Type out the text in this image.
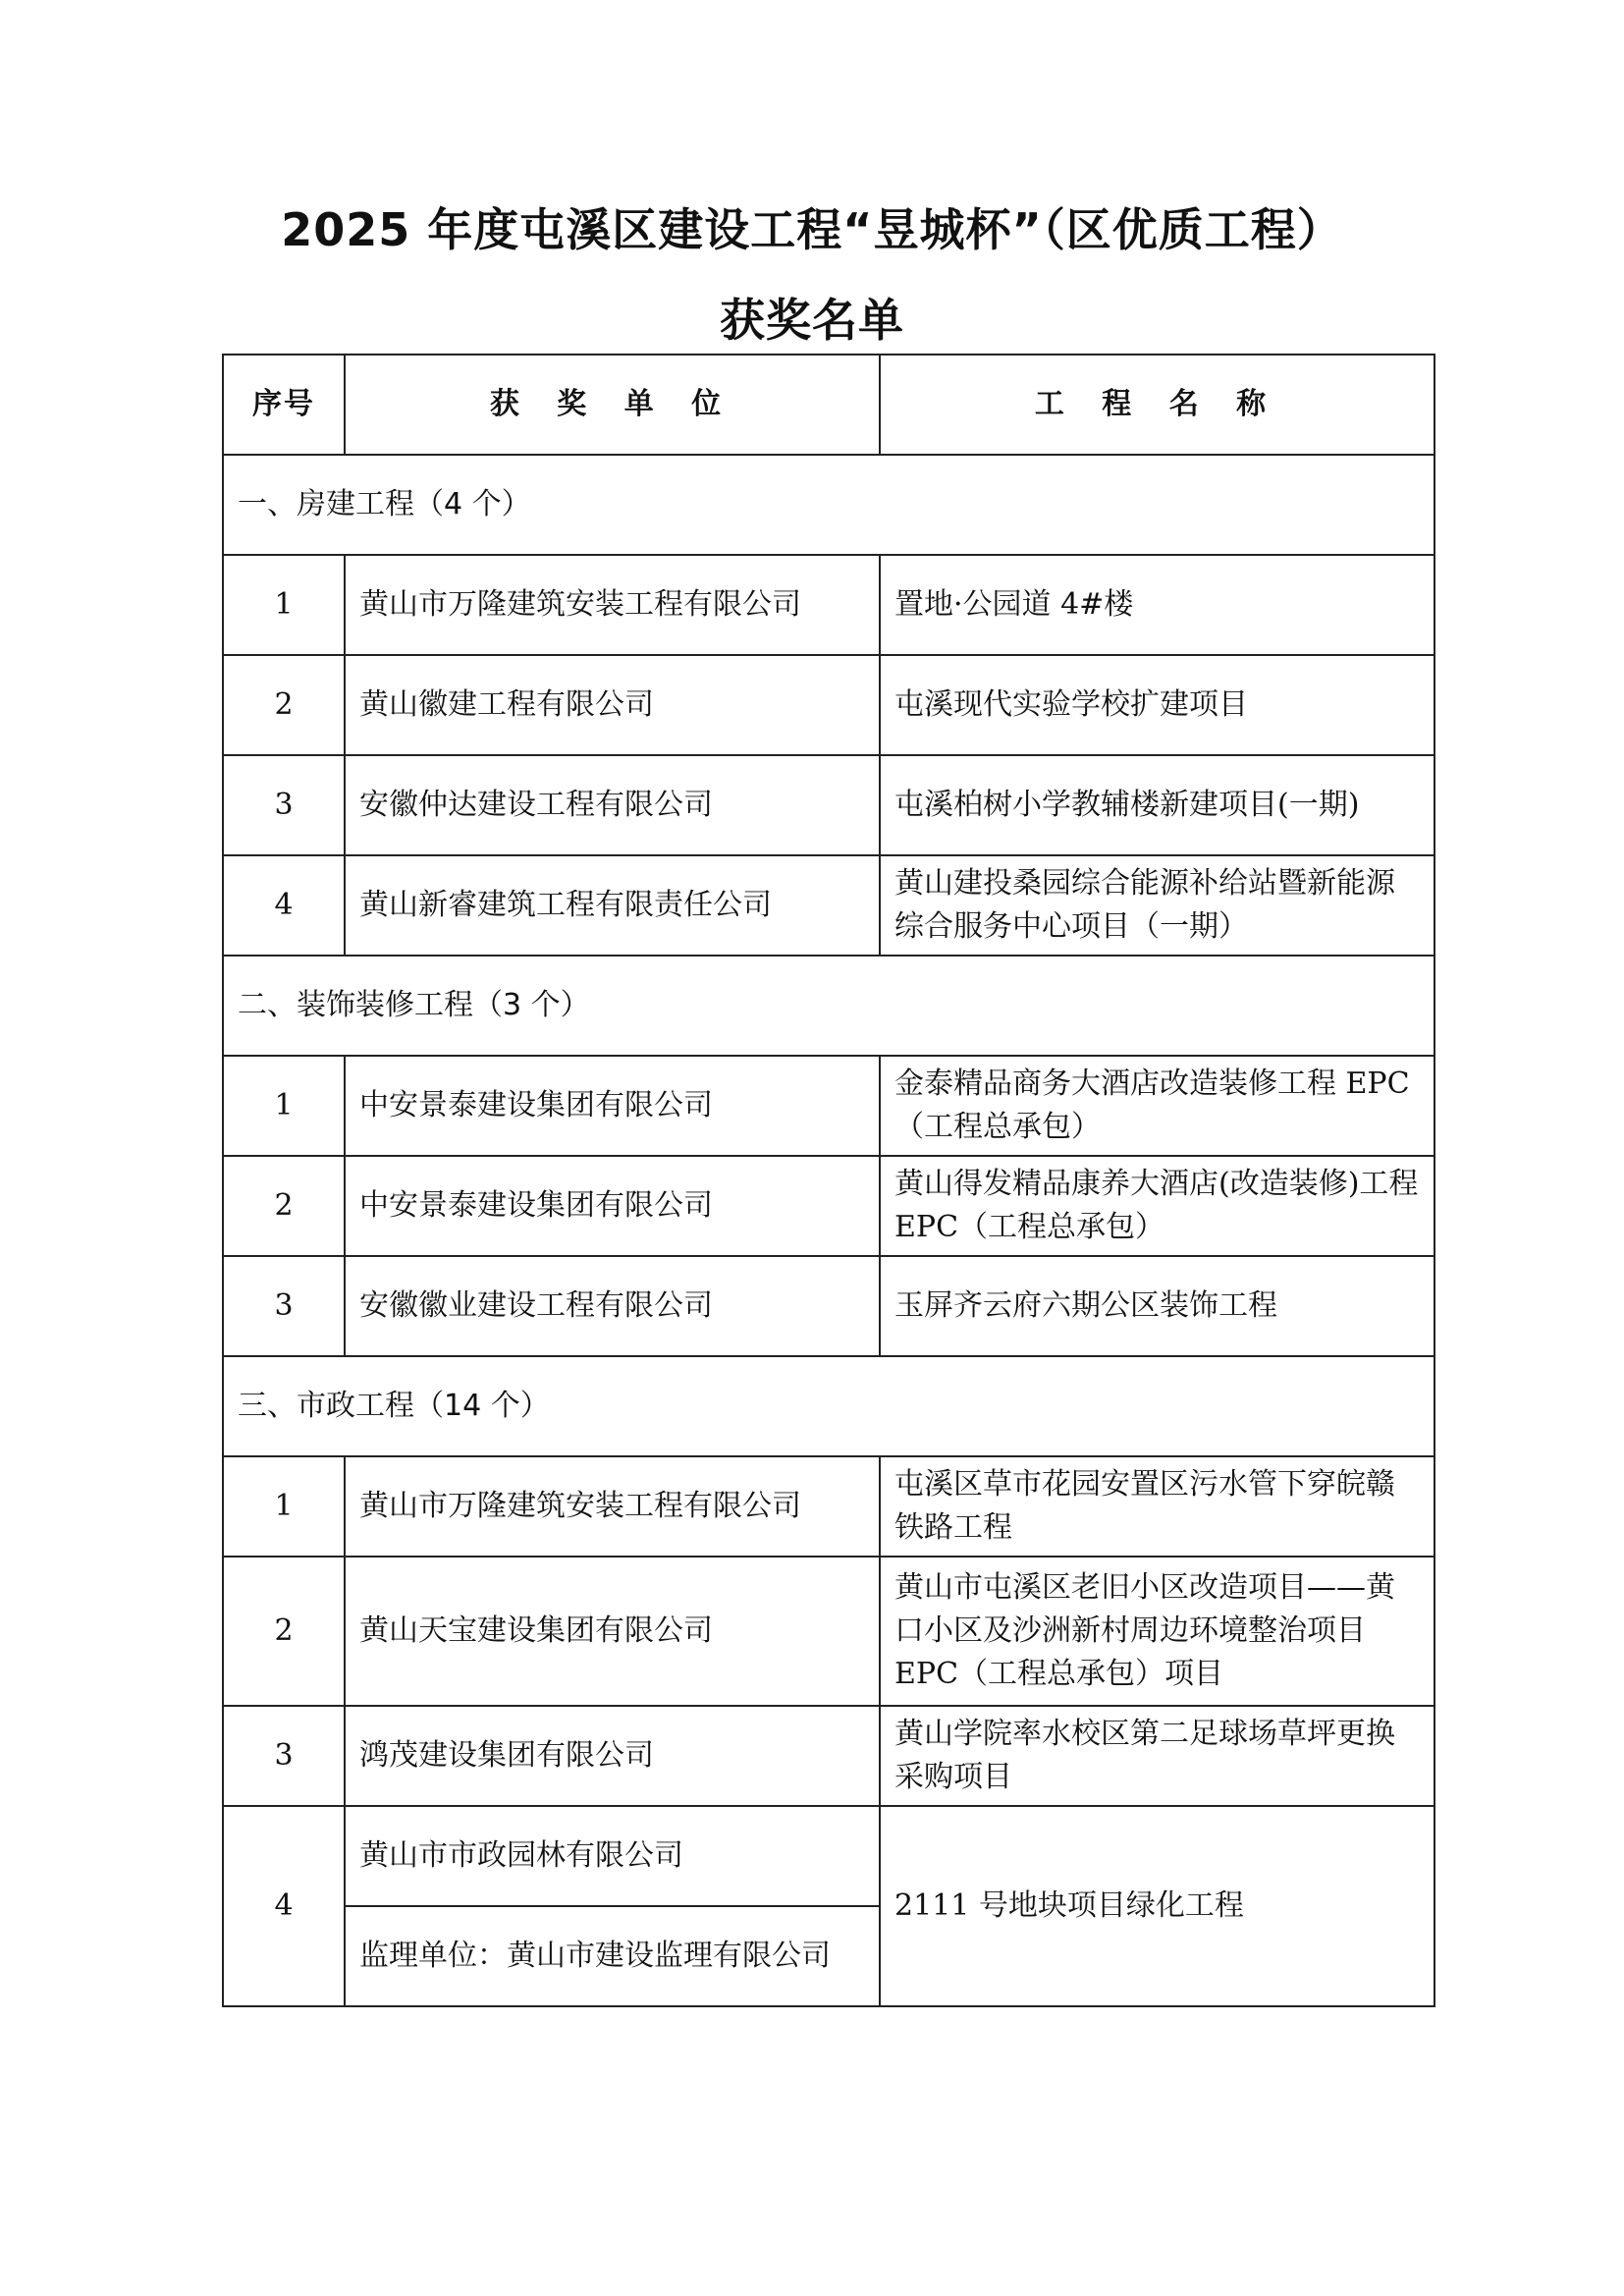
2025 年度屯溪区建设工程“昱城杯”（区优质工程）
获奖名单
序号	获 奖 单 位	工 程 名 称
一、房建工程（4 个）		
1	黄山市万隆建筑安装工程有限公司	置地·公园道 4#楼
2	黄山徽建工程有限公司	屯溪现代实验学校扩建项目
3	安徽仲达建设工程有限公司	屯溪柏树小学教辅楼新建项目(一期)
4	黄山新睿建筑工程有限责任公司	黄山建投桑园综合能源补给站暨新能源综合服务中心项目（一期）
二、装饰装修工程（3 个）		
1	中安景泰建设集团有限公司	金泰精品商务大酒店改造装修工程 EPC（工程总承包）
2	中安景泰建设集团有限公司	黄山得发精品康养大酒店(改造装修)工程 EPC（工程总承包）
3	安徽徽业建设工程有限公司	玉屏齐云府六期公区装饰工程
三、市政工程（14 个）		
1	黄山市万隆建筑安装工程有限公司	屯溪区草市花园安置区污水管下穿皖赣铁路工程
2	黄山天宝建设集团有限公司	黄山市屯溪区老旧小区改造项目——黄口小区及沙洲新村周边环境整治项目 EPC（工程总承包）项目
3	鸿茂建设集团有限公司	黄山学院率水校区第二足球场草坪更换采购项目
4	黄山市市政园林有限公司	2111 号地块项目绿化工程
	监理单位：黄山市建设监理有限公司	
